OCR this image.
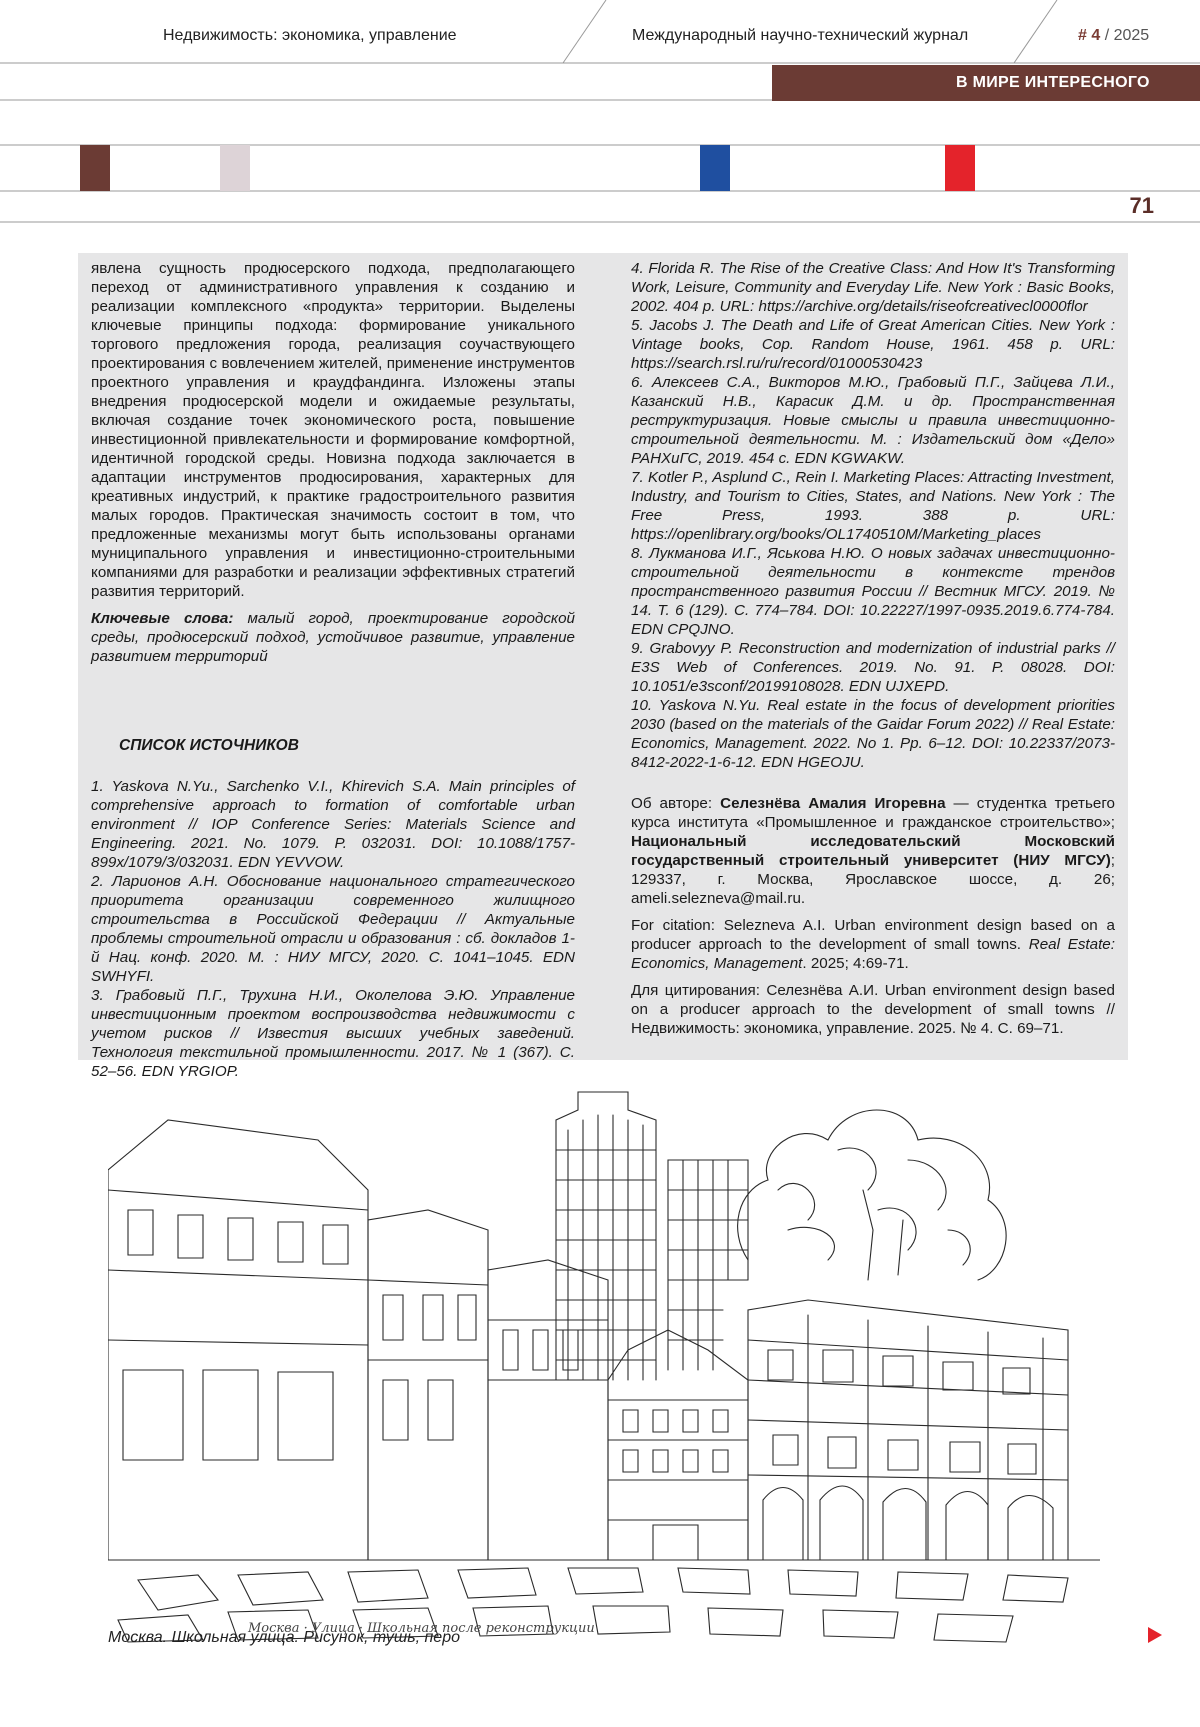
Недвижимость: экономика, управление	Международный научно-технический журнал	# 4 / 2025
В МИРЕ ИНТЕРЕСНОГО
71

явлена сущность продюсерского подхода, предполагающего переход от административного управления к созданию и реализации комплексного «продукта» территории. Выделены ключевые принципы подхода: формирование уникального торгового предложения города, реализация соучаствующего проектирования с вовлечением жителей, применение инструментов проектного управления и краудфандинга. Изложены этапы внедрения продюсерской модели и ожидаемые результаты, включая создание точек экономического роста, повышение инвестиционной привлекательности и формирование комфортной, идентичной городской среды. Новизна подхода заключается в адаптации инструментов продюсирования, характерных для креативных индустрий, к практике градостроительного развития малых городов. Практическая значимость состоит в том, что предложенные механизмы могут быть использованы органами муниципального управления и инвестиционно-строительными компаниями для разработки и реализации эффективных стратегий развития территорий.

Ключевые слова: малый город, проектирование городской среды, продюсерский подход, устойчивое развитие, управление развитием территорий

СПИСОК ИСТОЧНИКОВ

1. Yaskova N.Yu., Sarchenko V.I., Khirevich S.A. Main principles of comprehensive approach to formation of comfortable urban environment // IOP Conference Series: Materials Science and Engineering. 2021. No. 1079. P. 032031. DOI: 10.1088/1757-899x/1079/3/032031. EDN YEVVOW.

2. Ларионов А.Н. Обоснование национального стратегического приоритета организации современного жилищного строительства в Российской Федерации // Актуальные проблемы строительной отрасли и образования : сб. докладов 1-й Нац. конф. 2020. М. : НИУ МГСУ, 2020. С. 1041–1045. EDN SWHYFI.

3. Грабовый П.Г., Трухина Н.И., Околелова Э.Ю. Управление инвестиционным проектом воспроизводства недвижимости с учетом рисков // Известия высших учебных заведений. Технология текстильной промышленности. 2017. № 1 (367). С. 52–56. EDN YRGIOP.

4. Florida R. The Rise of the Creative Class: And How It's Transforming Work, Leisure, Community and Everyday Life. New York : Basic Books, 2002. 404 p. URL: https://archive.org/details/riseofcreativecl0000flor

5. Jacobs J. The Death and Life of Great American Cities. New York : Vintage books, Cop. Random House, 1961. 458 p. URL: https://search.rsl.ru/ru/record/01000530423

6. Алексеев С.А., Викторов М.Ю., Грабовый П.Г., Зайцева Л.И., Казанский Н.В., Карасик Д.М. и др. Пространственная реструктуризация. Новые смыслы и правила инвестиционно-строительной деятельности. М. : Издательский дом «Дело» РАНХиГС, 2019. 454 с. EDN KGWAKW.

7. Kotler P., Asplund C., Rein I. Marketing Places: Attracting Investment, Industry, and Tourism to Cities, States, and Nations. New York : The Free Press, 1993. 388 p. URL: https://openlibrary.org/books/OL1740510M/Marketing_places

8. Лукманова И.Г., Яськова Н.Ю. О новых задачах инвестиционно-строительной деятельности в контексте трендов пространственного развития России // Вестник МГСУ. 2019. № 14. Т. 6 (129). С. 774–784. DOI: 10.22227/1997-0935.2019.6.774-784. EDN CPQJNO.

9. Grabovyy P. Reconstruction and modernization of industrial parks // E3S Web of Conferences. 2019. No. 91. P. 08028. DOI: 10.1051/e3sconf/20199108028. EDN UJXEPD.

10. Yaskova N.Yu. Real estate in the focus of development priorities 2030 (based on the materials of the Gaidar Forum 2022) // Real Estate: Economics, Management. 2022. No 1. Pp. 6–12. DOI: 10.22337/2073-8412-2022-1-6-12. EDN HGEOJU.

Об авторе: Селезнёва Амалия Игоревна — студентка третьего курса института «Промышленное и гражданское строительство»; Национальный исследовательский Московский государственный строительный университет (НИУ МГСУ); 129337, г. Москва, Ярославское шоссе, д. 26; ameli.selezneva@mail.ru.

For citation: Selezneva A.I. Urban environment design based on a producer approach to the development of small towns. Real Estate: Economics, Management. 2025; 4:69-71.

Для цитирования: Селезнёва А.И. Urban environment design based on a producer approach to the development of small towns // Недвижимость: экономика, управление. 2025. № 4. С. 69–71.

Москва · Улица · Школьная после реконструкции
Москва. Школьная улица. Рисунок, тушь, перо
